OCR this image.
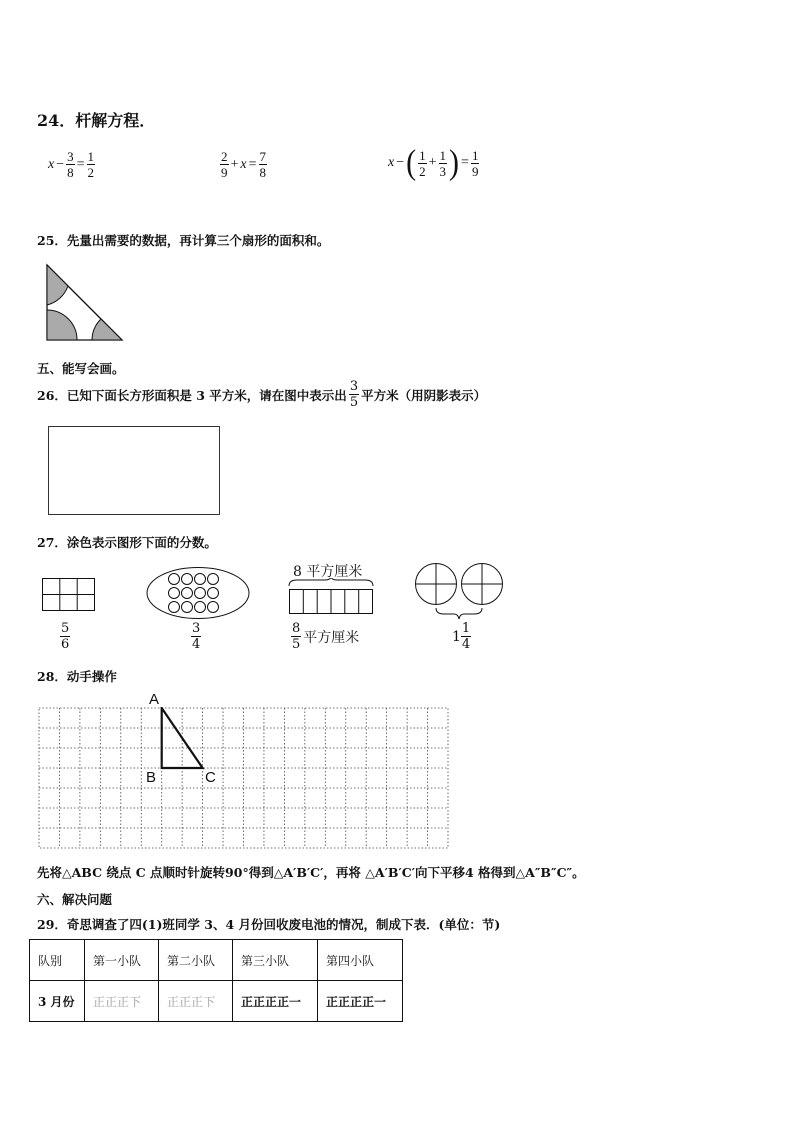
24．杆解方程．
$x - \frac{3}{8} = \frac{1}{2}$	$\frac{2}{9} + x = \frac{7}{8}$	x − ( $\frac{1}{2} + \frac{1}{3}$ ) = $\frac{1}{9}$
25．先量出需要的数据，再计算三个扇形的面积和。
五、能写会画。
26．已知下面长方形面积是 3 平方米，请在图中表示出 $\frac{3}{5}$ 平方米（用阴影表示）
27．涂色表示图形下面的分数。
$\frac{5}{6}$	$\frac{3}{4}$
8 平方厘米
$\frac{8}{5}$ 平方厘米	$1 \frac{1}{4}$
28．动手操作
A
B	C
先将△ABC 绕点 C 点顺时针旋转90°得到△A′B′C′，再将 △A′B′C′向下平移4 格得到△A″B″C″。
六、解决问题
29．奇思调查了四(1)班同学 3、4 月份回收废电池的情况，制成下表．(单位：节)
队别	第一小队	第二小队	第三小队	第四小队
3 月份	正正正下	正正正下	正正正正一	正正正正一
